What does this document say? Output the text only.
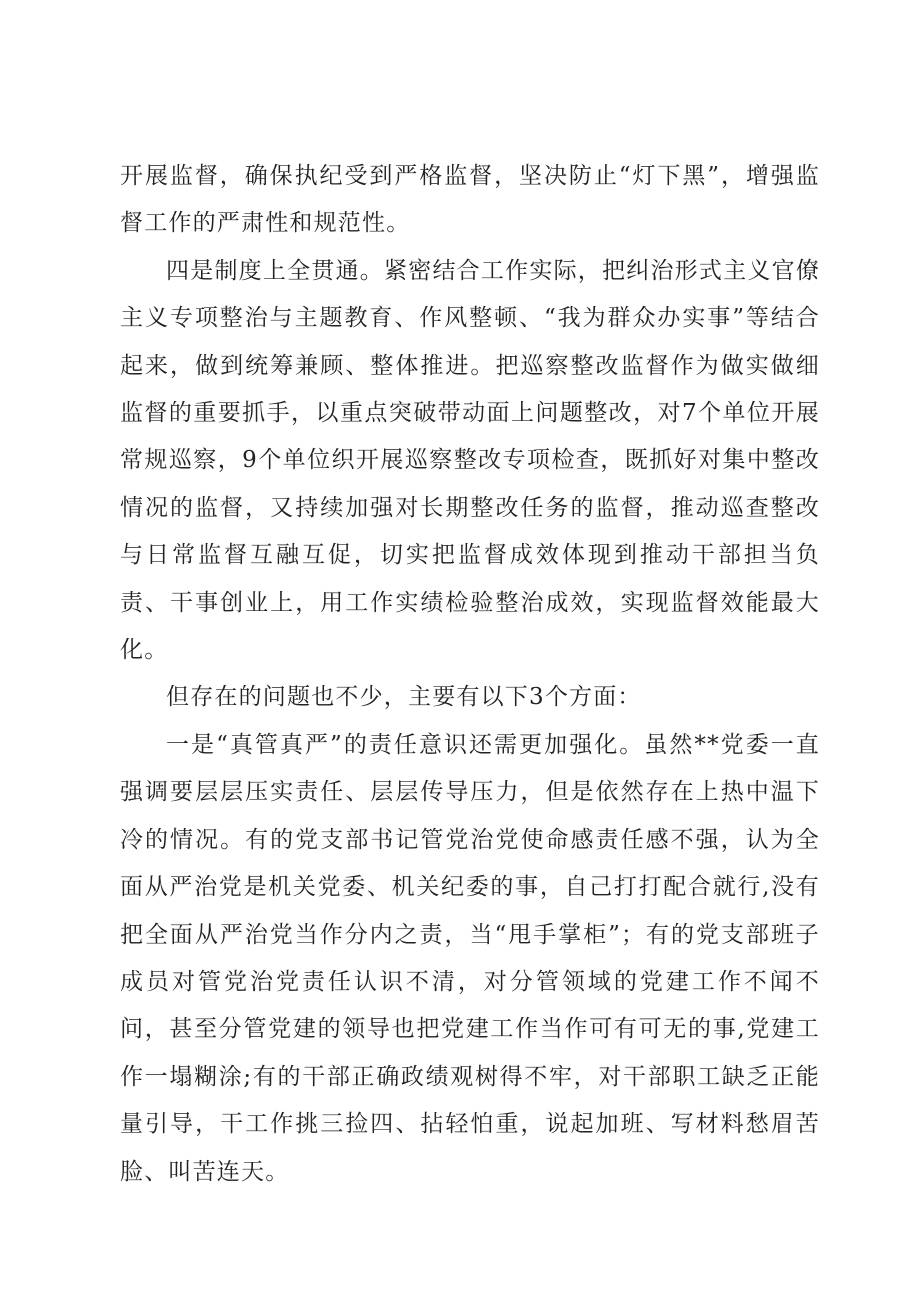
开展监督，确保执纪受到严格监督，坚决防止“灯下黑”，增强监督工作的严肃性和规范性。

四是制度上全贯通。紧密结合工作实际，把纠治形式主义官僚主义专项整治与主题教育、作风整顿、“我为群众办实事”等结合起来，做到统筹兼顾、整体推进。把巡察整改监督作为做实做细监督的重要抓手，以重点突破带动面上问题整改，对7个单位开展常规巡察，9个单位织开展巡察整改专项检查，既抓好对集中整改情况的监督，又持续加强对长期整改任务的监督，推动巡查整改与日常监督互融互促，切实把监督成效体现到推动干部担当负责、干事创业上，用工作实绩检验整治成效，实现监督效能最大化。

但存在的问题也不少，主要有以下3个方面：

一是“真管真严”的责任意识还需更加强化。虽然**党委一直强调要层层压实责任、层层传导压力，但是依然存在上热中温下冷的情况。有的党支部书记管党治党使命感责任感不强，认为全面从严治党是机关党委、机关纪委的事，自己打打配合就行,没有把全面从严治党当作分内之责，当“甩手掌柜”；有的党支部班子成员对管党治党责任认识不清，对分管领域的党建工作不闻不问，甚至分管党建的领导也把党建工作当作可有可无的事,党建工作一塌糊涂;有的干部正确政绩观树得不牢，对干部职工缺乏正能量引导，干工作挑三捡四、拈轻怕重，说起加班、写材料愁眉苦脸、叫苦连天。
